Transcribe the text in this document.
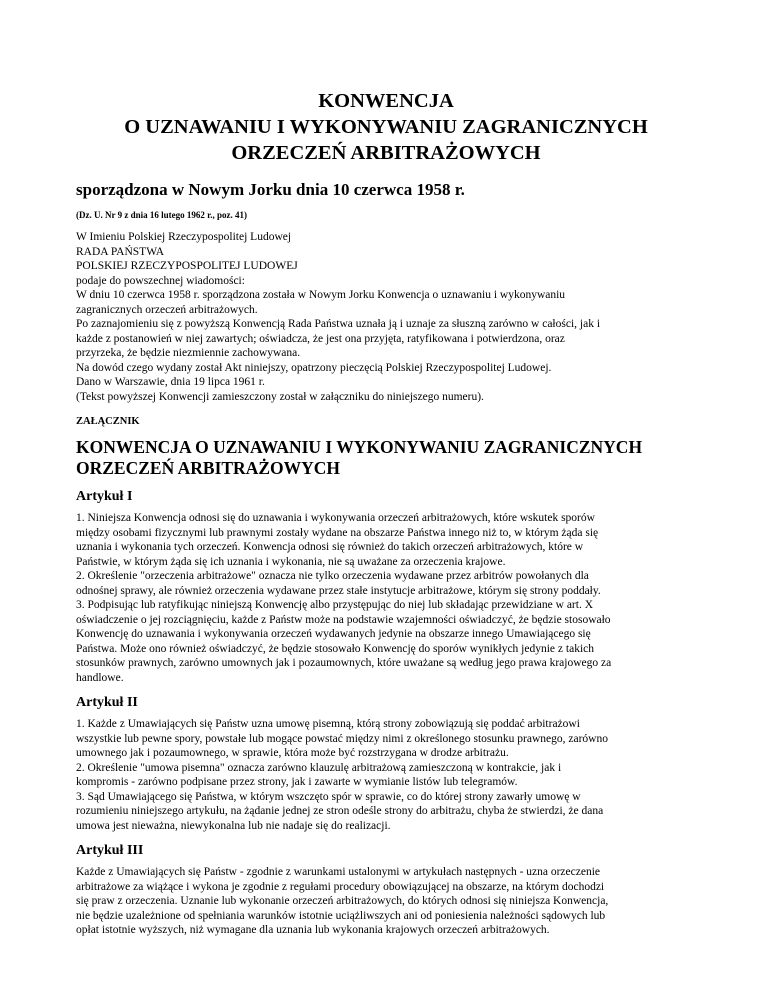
KONWENCJA
O UZNAWANIU I WYKONYWANIU ZAGRANICZNYCH
ORZECZEŃ ARBITRAŻOWYCH
sporządzona w Nowym Jorku dnia 10 czerwca 1958 r.
(Dz. U. Nr 9 z dnia 16 lutego 1962 r., poz. 41)
W Imieniu Polskiej Rzeczypospolitej Ludowej
RADA PAŃSTWA
POLSKIEJ RZECZYPOSPOLITEJ LUDOWEJ
podaje do powszechnej wiadomości:
W dniu 10 czerwca 1958 r. sporządzona została w Nowym Jorku Konwencja o uznawaniu i wykonywaniu
zagranicznych orzeczeń arbitrażowych.
Po zaznajomieniu się z powyższą Konwencją Rada Państwa uznała ją i uznaje za słuszną zarówno w całości, jak i
każde z postanowień w niej zawartych; oświadcza, że jest ona przyjęta, ratyfikowana i potwierdzona, oraz
przyrzeka, że będzie niezmiennie zachowywana.
Na dowód czego wydany został Akt niniejszy, opatrzony pieczęcią Polskiej Rzeczypospolitej Ludowej.
Dano w Warszawie, dnia 19 lipca 1961 r.
(Tekst powyższej Konwencji zamieszczony został w załączniku do niniejszego numeru).
ZAŁĄCZNIK
KONWENCJA O UZNAWANIU I WYKONYWANIU ZAGRANICZNYCH
ORZECZEŃ ARBITRAŻOWYCH
Artykuł I
1. Niniejsza Konwencja odnosi się do uznawania i wykonywania orzeczeń arbitrażowych, które wskutek sporów
między osobami fizycznymi lub prawnymi zostały wydane na obszarze Państwa innego niż to, w którym żąda się
uznania i wykonania tych orzeczeń. Konwencja odnosi się również do takich orzeczeń arbitrażowych, które w
Państwie, w którym żąda się ich uznania i wykonania, nie są uważane za orzeczenia krajowe.
2. Określenie "orzeczenia arbitrażowe" oznacza nie tylko orzeczenia wydawane przez arbitrów powołanych dla
odnośnej sprawy, ale również orzeczenia wydawane przez stałe instytucje arbitrażowe, którym się strony poddały.
3. Podpisując lub ratyfikując niniejszą Konwencję albo przystępując do niej lub składając przewidziane w art. X
oświadczenie o jej rozciągnięciu, każde z Państw może na podstawie wzajemności oświadczyć, że będzie stosowało
Konwencję do uznawania i wykonywania orzeczeń wydawanych jedynie na obszarze innego Umawiającego się
Państwa. Może ono również oświadczyć, że będzie stosowało Konwencję do sporów wynikłych jedynie z takich
stosunków prawnych, zarówno umownych jak i pozaumownych, które uważane są według jego prawa krajowego za
handlowe.
Artykuł II
1. Każde z Umawiających się Państw uzna umowę pisemną, którą strony zobowiązują się poddać arbitrażowi
wszystkie lub pewne spory, powstałe lub mogące powstać między nimi z określonego stosunku prawnego, zarówno
umownego jak i pozaumownego, w sprawie, która może być rozstrzygana w drodze arbitrażu.
2. Określenie "umowa pisemna" oznacza zarówno klauzulę arbitrażową zamieszczoną w kontrakcie, jak i
kompromis - zarówno podpisane przez strony, jak i zawarte w wymianie listów lub telegramów.
3. Sąd Umawiającego się Państwa, w którym wszczęto spór w sprawie, co do której strony zawarły umowę w
rozumieniu niniejszego artykułu, na żądanie jednej ze stron odeśle strony do arbitrażu, chyba że stwierdzi, że dana
umowa jest nieważna, niewykonalna lub nie nadaje się do realizacji.
Artykuł III
Każde z Umawiających się Państw - zgodnie z warunkami ustalonymi w artykułach następnych - uzna orzeczenie
arbitrażowe za wiążące i wykona je zgodnie z regułami procedury obowiązującej na obszarze, na którym dochodzi
się praw z orzeczenia. Uznanie lub wykonanie orzeczeń arbitrażowych, do których odnosi się niniejsza Konwencja,
nie będzie uzależnione od spełniania warunków istotnie uciążliwszych ani od poniesienia należności sądowych lub
opłat istotnie wyższych, niż wymagane dla uznania lub wykonania krajowych orzeczeń arbitrażowych.
